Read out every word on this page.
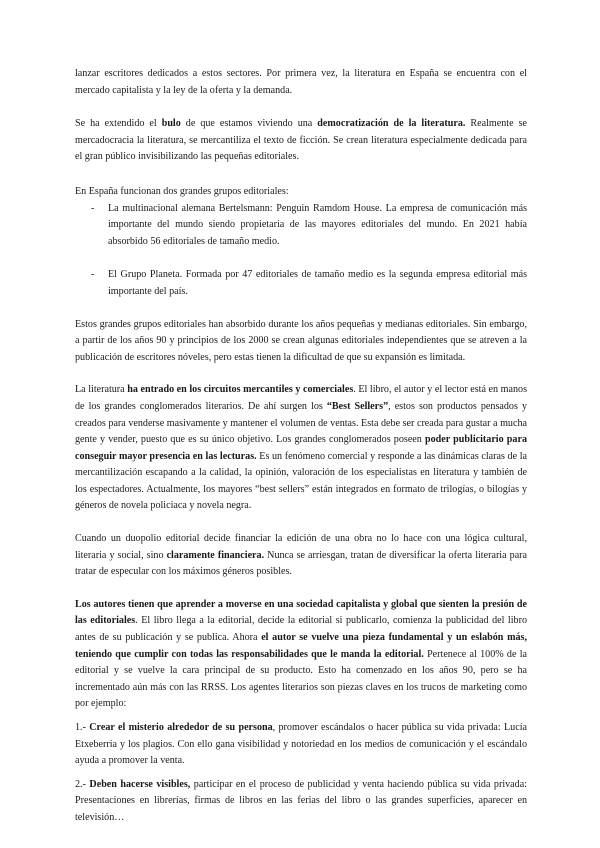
lanzar escritores dedicados a estos sectores. Por primera vez, la literatura en España se encuentra con el mercado capitalista y la ley de la oferta y la demanda.

Se ha extendido el bulo de que estamos viviendo una democratización de la literatura. Realmente se mercadocracia la literatura, se mercantiliza el texto de ficción. Se crean literatura especialmente dedicada para el gran público invisibilizando las pequeñas editoriales.

En España funcionan dos grandes grupos editoriales:

- La multinacional alemana Bertelsmann: Penguin Ramdom House. La empresa de comunicación más importante del mundo siendo propietaria de las mayores editoriales del mundo. En 2021 había absorbido 56 editoriales de tamaño medio.
- El Grupo Planeta. Formada por 47 editoriales de tamaño medio es la segunda empresa editorial más importante del país.

Estos grandes grupos editoriales han absorbido durante los años pequeñas y medianas editoriales. Sin embargo, a partir de los años 90 y principios de los 2000 se crean algunas editoriales independientes que se atreven a la publicación de escritores nóveles, pero estas tienen la dificultad de que su expansión es limitada.

La literatura ha entrado en los circuitos mercantiles y comerciales. El libro, el autor y el lector está en manos de los grandes conglomerados literarios. De ahí surgen los “Best Sellers”, estos son productos pensados y creados para venderse masivamente y mantener el volumen de ventas. Esta debe ser creada para gustar a mucha gente y vender, puesto que es su único objetivo. Los grandes conglomerados poseen poder publicitario para conseguir mayor presencia en las lecturas. Es un fenómeno comercial y responde a las dinámicas claras de la mercantilización escapando a la calidad, la opinión, valoración de los especialistas en literatura y también de los espectadores. Actualmente, los mayores “best sellers” están integrados en formato de trilogías, o bilogías y géneros de novela policiaca y novela negra.

Cuando un duopolio editorial decide financiar la edición de una obra no lo hace con una lógica cultural, literaria y social, sino claramente financiera. Nunca se arriesgan, tratan de diversificar la oferta literaria para tratar de especular con los máximos géneros posibles.

Los autores tienen que aprender a moverse en una sociedad capitalista y global que sienten la presión de las editoriales. El libro llega a la editorial, decide la editorial si publicarlo, comienza la publicidad del libro antes de su publicación y se publica. Ahora el autor se vuelve una pieza fundamental y un eslabón más, teniendo que cumplir con todas las responsabilidades que le manda la editorial. Pertenece al 100% de la editorial y se vuelve la cara principal de su producto. Esto ha comenzado en los años 90, pero se ha incrementado aún más con las RRSS. Los agentes literarios son piezas claves en los trucos de marketing como por ejemplo:

1.- Crear el misterio alrededor de su persona, promover escándalos o hacer pública su vida privada: Lucía Etxeberria y los plagios. Con ello gana visibilidad y notoriedad en los medios de comunicación y el escándalo ayuda a promover la venta.

2.- Deben hacerse visibles, participar en el proceso de publicidad y venta haciendo pública su vida privada: Presentaciones en librerías, firmas de libros en las ferias del libro o las grandes superficies, aparecer en televisión…
